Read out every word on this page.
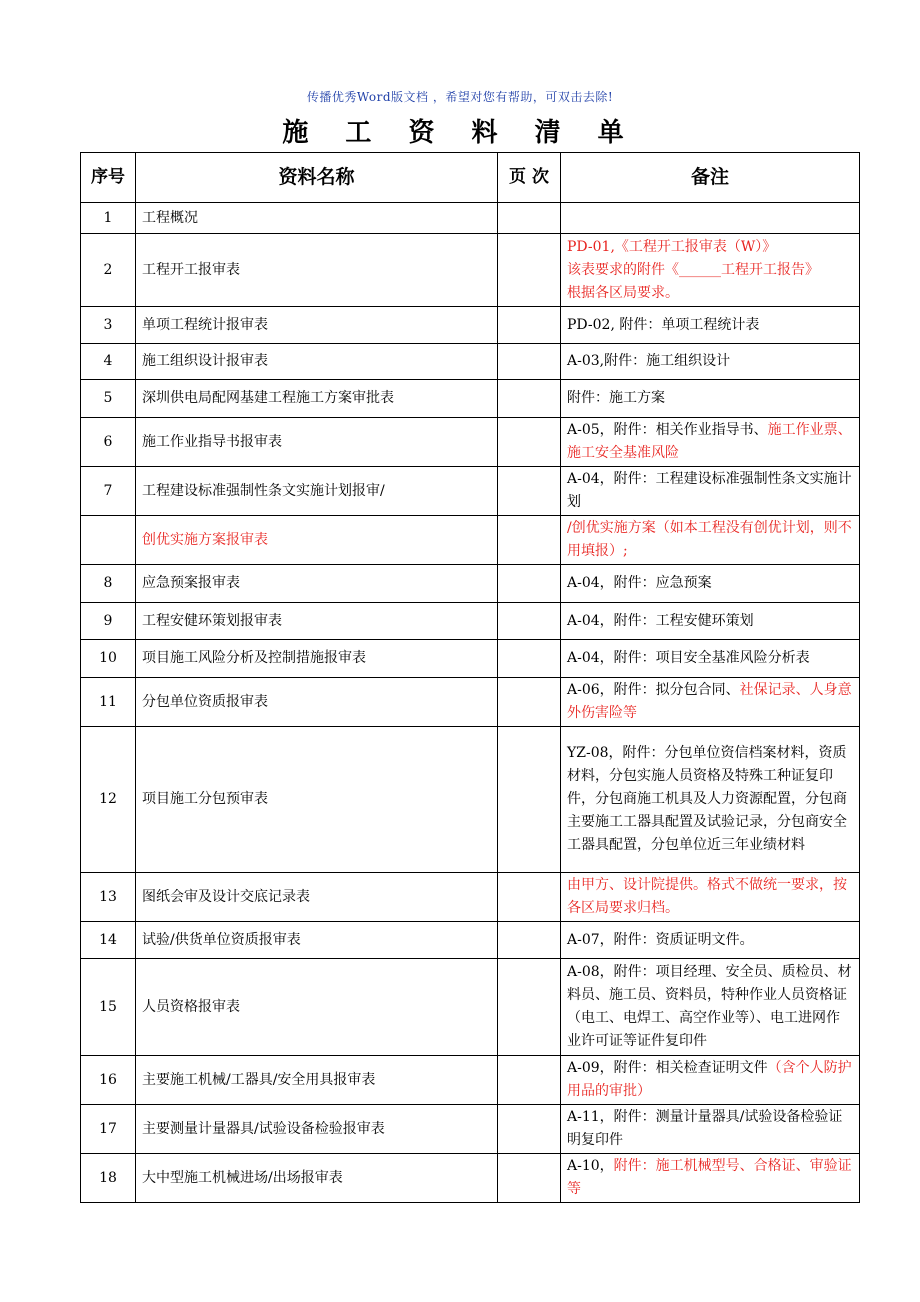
传播优秀Word版文档 ，希望对您有帮助，可双击去除!
施 工 资 料 清 单
序号	资料名称	页 次	备注
1	工程概况		
2	工程开工报审表		PD-01,《工程开工报审表（W）》
该表要求的附件《______工程开工报告》
根据各区局要求。
3	单项工程统计报审表		PD-02, 附件：单项工程统计表
4	施工组织设计报审表		A-03,附件：施工组织设计
5	深圳供电局配网基建工程施工方案审批表		附件：施工方案
6	施工作业指导书报审表		A-05，附件：相关作业指导书、施工作业票、施工安全基准风险
7	工程建设标准强制性条文实施计划报审/		A-04，附件：工程建设标准强制性条文实施计划
	创优实施方案报审表		/创优实施方案（如本工程没有创优计划，则不用填报）;
8	应急预案报审表		A-04，附件：应急预案
9	工程安健环策划报审表		A-04，附件：工程安健环策划
10	项目施工风险分析及控制措施报审表		A-04，附件：项目安全基准风险分析表
11	分包单位资质报审表		A-06，附件：拟分包合同、社保记录、人身意外伤害险等
12	项目施工分包预审表		YZ-08，附件：分包单位资信档案材料，资质材料，分包实施人员资格及特殊工种证复印件，分包商施工机具及人力资源配置，分包商主要施工工器具配置及试验记录，分包商安全工器具配置，分包单位近三年业绩材料
13	图纸会审及设计交底记录表		由甲方、设计院提供。格式不做统一要求，按各区局要求归档。
14	试验/供货单位资质报审表		A-07，附件：资质证明文件。
15	人员资格报审表		A-08，附件：项目经理、安全员、质检员、材料员、施工员、资料员，特种作业人员资格证（电工、电焊工、高空作业等）、电工进网作业许可证等证件复印件
16	主要施工机械/工器具/安全用具报审表		A-09，附件：相关检查证明文件（含个人防护用品的审批）
17	主要测量计量器具/试验设备检验报审表		A-11，附件：测量计量器具/试验设备检验证明复印件
18	大中型施工机械进场/出场报审表		A-10，附件：施工机械型号、合格证、审验证等
